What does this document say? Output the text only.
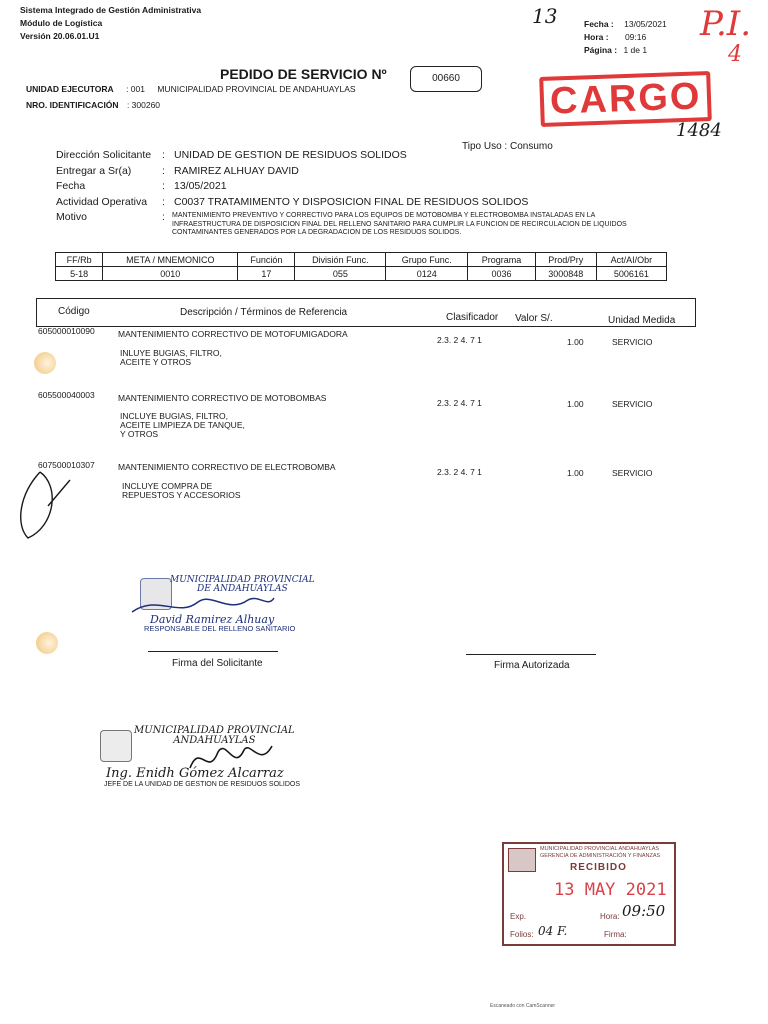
Sistema Integrado de Gestión Administrativa
Módulo de Logística
Versión 20.06.01.U1
13	Fecha : 13/05/2021
Hora : 09:16
Página : 1 de 1
P.I.
4
PEDIDO DE SERVICIO Nº	00660	CARGO
1484
UNIDAD EJECUTORA : 001 MUNICIPALIDAD PROVINCIAL DE ANDAHUAYLAS
NRO. IDENTIFICACIÓN : 300260
Tipo Uso : Consumo
Dirección Solicitante	: UNIDAD DE GESTION DE RESIDUOS SOLIDOS
Entregar a Sr(a)	: RAMIREZ ALHUAY DAVID
Fecha	: 13/05/2021
Actividad Operativa	: C0037 TRATAMIMENTO Y DISPOSICION FINAL DE RESIDUOS SOLIDOS
Motivo	:	MANTENIMIENTO PREVENTIVO Y CORRECTIVO PARA LOS EQUIPOS DE MOTOBOMBA Y ELECTROBOMBA INSTALADAS EN LA
INFRAESTRUCTURA DE DISPOSICION FINAL DEL RELLENO SANITARIO PARA CUMPLIR LA FUNCION DE RECIRCULACION DE LIQUIDOS
CONTAMINANTES GENERADOS POR LA DEGRADACION DE LOS RESIDUOS SOLIDOS.
FF/Rb	META / MNEMONICO	Función	División Func.	Grupo Func.	Programa	Prod/Pry	Act/AI/Obr
5-18	0010	17	055	0124	0036	3000848	5006161
Código	Descripción / Términos de Referencia	Clasificador Valor S/.	Unidad Medida
605000010090	MANTENIMIENTO CORRECTIVO DE MOTOFUMIGADORA
INLUYE BUGIAS, FILTRO,
ACEITE Y OTROS
2.3. 2 4. 7 1	1.00	SERVICIO
605500040003	MANTENIMIENTO CORRECTIVO DE MOTOBOMBAS
INCLUYE BUGIAS, FILTRO,
ACEITE LIMPIEZA DE TANQUE,
Y OTROS
2.3. 2 4. 7 1	1.00	SERVICIO
607500010307	MANTENIMIENTO CORRECTIVO DE ELECTROBOMBA
INCLUYE COMPRA DE
REPUESTOS Y ACCESORIOS
2.3. 2 4. 7 1	1.00	SERVICIO
MUNICIPALIDAD PROVINCIAL
DE ANDAHUAYLAS
David Ramirez Alhuay
RESPONSABLE DEL RELLENO SANITARIO
Firma del Solicitante	Firma Autorizada
MUNICIPALIDAD PROVINCIAL
ANDAHUAYLAS
Ing. Enidh Gómez Alcarraz
JEFE DE LA UNIDAD DE GESTION DE RESIDUOS SOLIDOS
MUNICIPALIDAD PROVINCIAL ANDAHUAYLAS
GERENCIA DE ADMINISTRACIÓN Y FINANZAS
RECIBIDO
13 MAY 2021
Exp.	Hora: 09:50
Folios: 04 F.	Firma:
Escaneado con CamScanner
